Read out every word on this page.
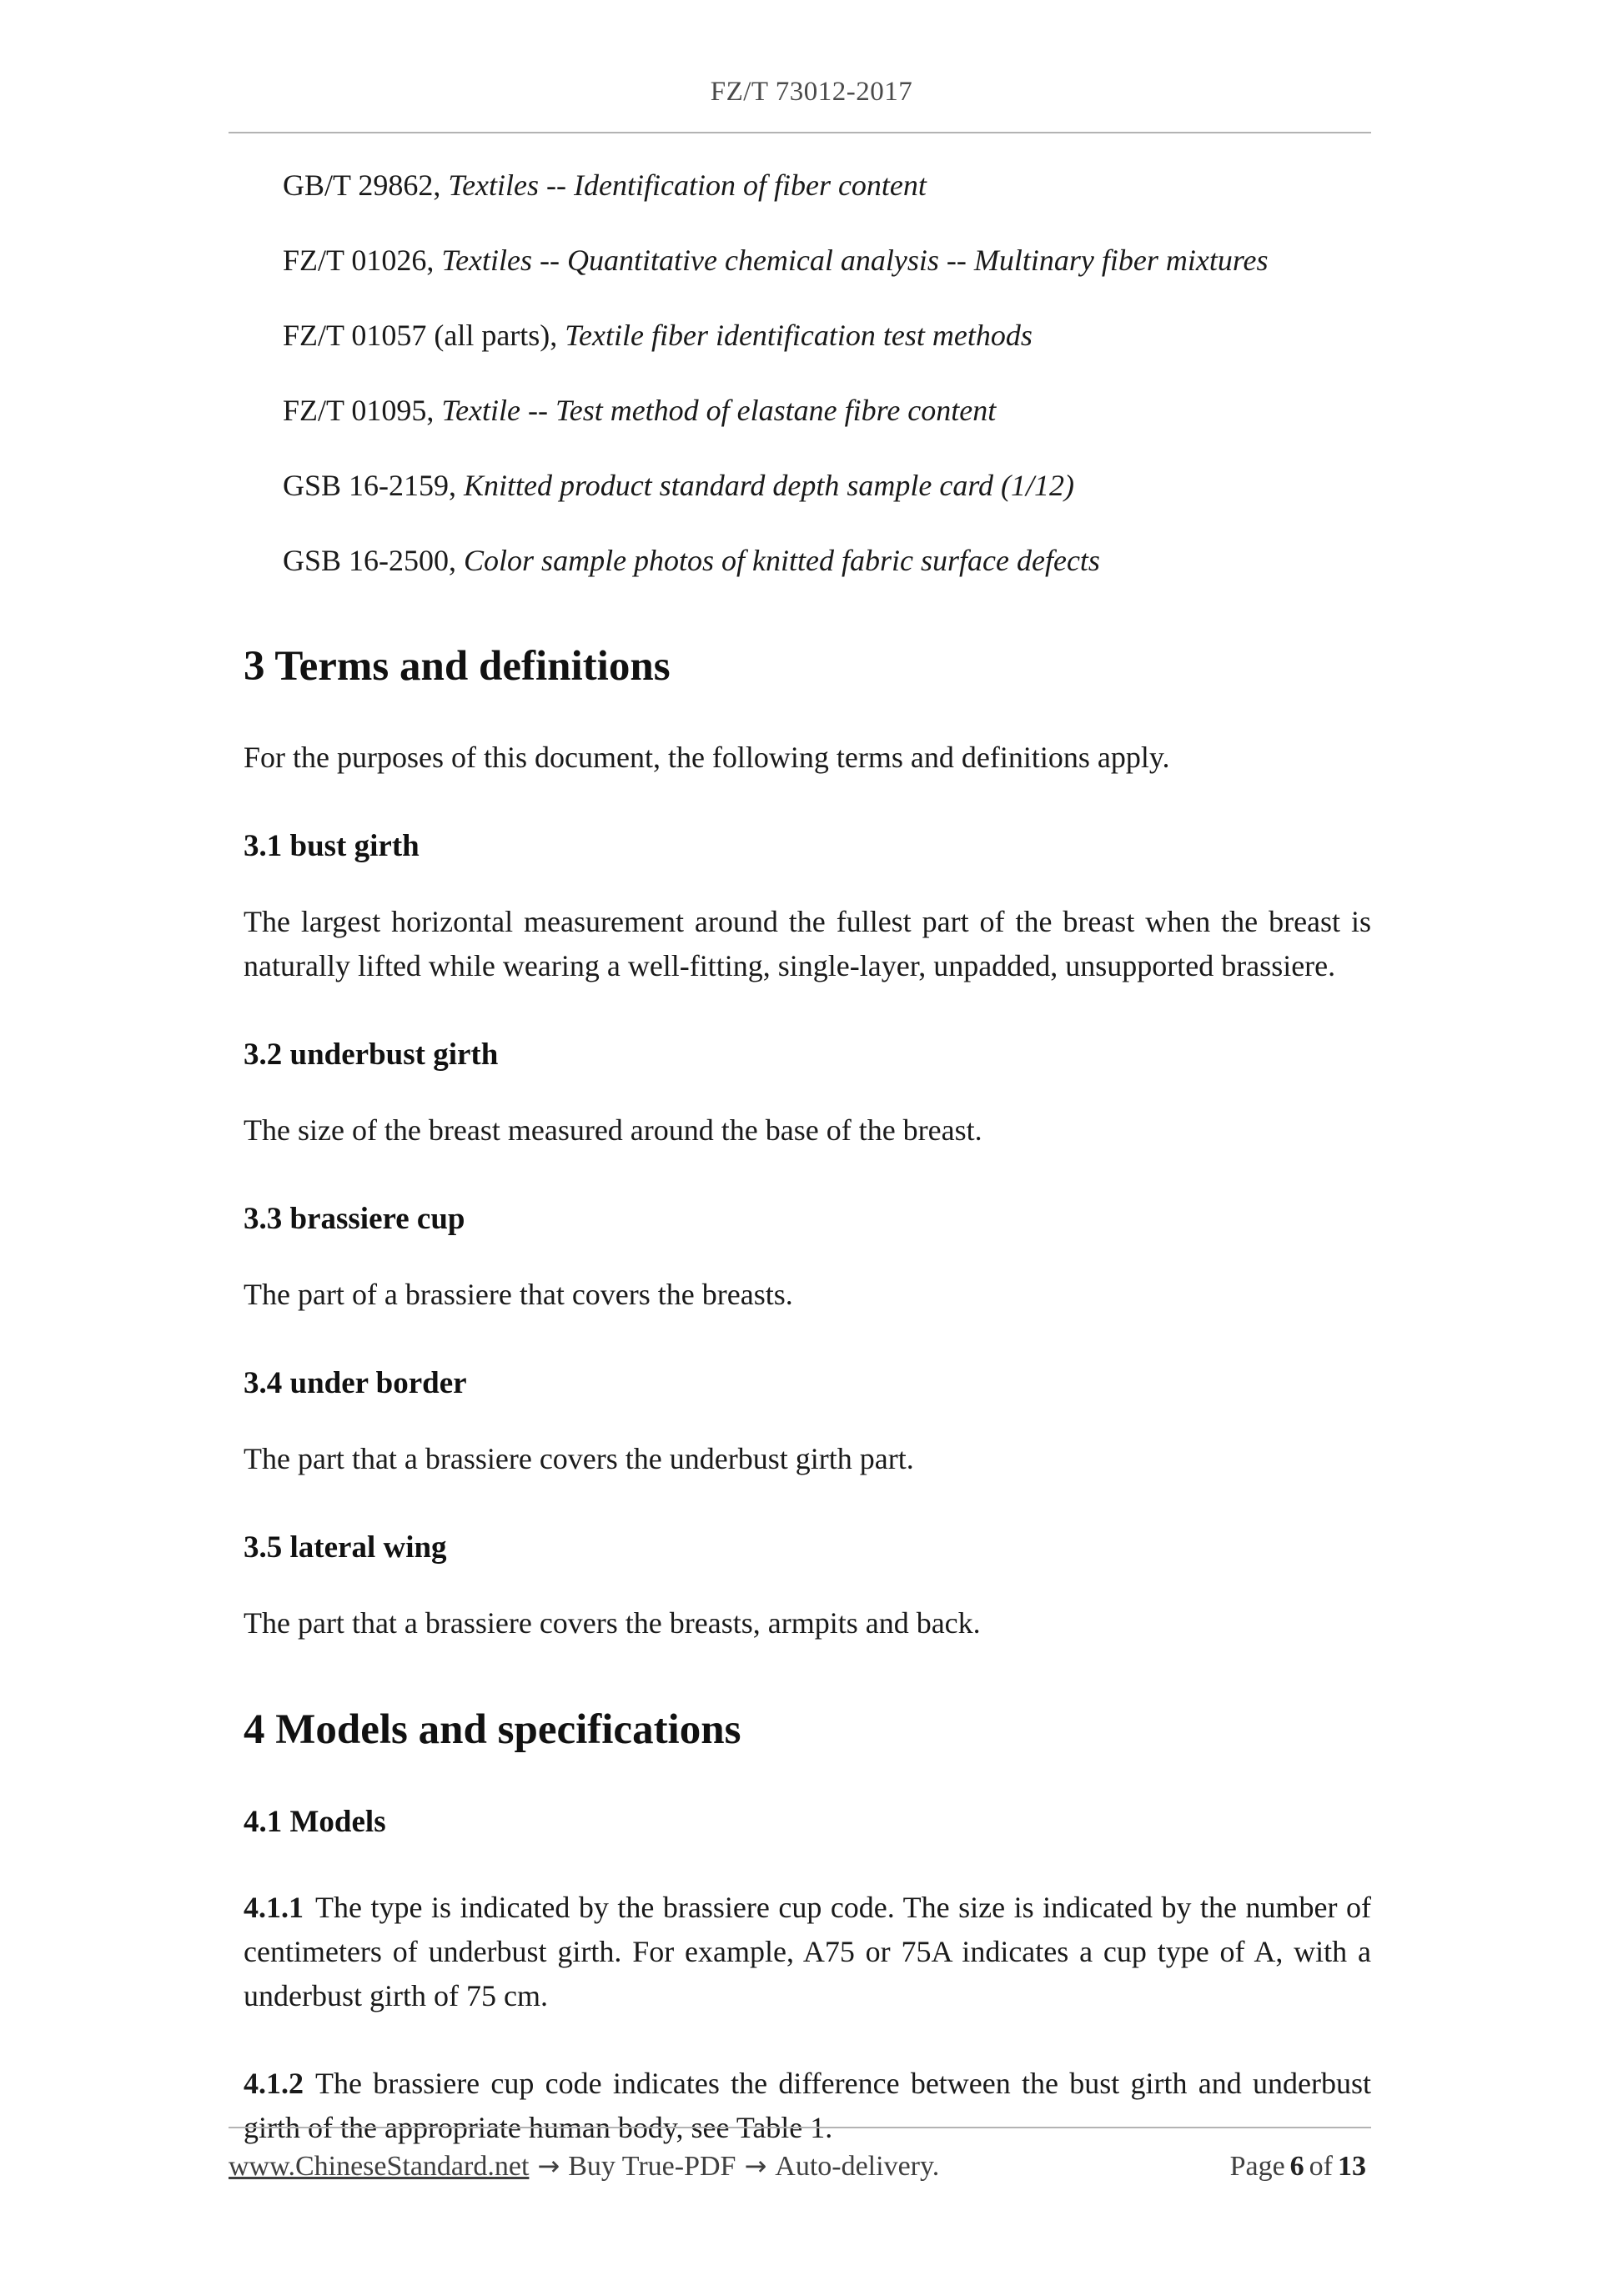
FZ/T 73012-2017

GB/T 29862, Textiles -- Identification of fiber content

FZ/T 01026, Textiles -- Quantitative chemical analysis -- Multinary fiber mixtures

FZ/T 01057 (all parts), Textile fiber identification test methods

FZ/T 01095, Textile -- Test method of elastane fibre content

GSB 16-2159, Knitted product standard depth sample card (1/12)

GSB 16-2500, Color sample photos of knitted fabric surface defects

3 Terms and definitions

For the purposes of this document, the following terms and definitions apply.

3.1 bust girth

The largest horizontal measurement around the fullest part of the breast when the breast is naturally lifted while wearing a well-fitting, single-layer, unpadded, unsupported brassiere.

3.2 underbust girth

The size of the breast measured around the base of the breast.

3.3 brassiere cup

The part of a brassiere that covers the breasts.

3.4 under border

The part that a brassiere covers the underbust girth part.

3.5 lateral wing

The part that a brassiere covers the breasts, armpits and back.

4 Models and specifications
4.1 Models

4.1.1 The type is indicated by the brassiere cup code. The size is indicated by the number of centimeters of underbust girth. For example, A75 or 75A indicates a cup type of A, with a underbust girth of 75 cm.

4.1.2 The brassiere cup code indicates the difference between the bust girth and underbust girth of the appropriate human body, see Table 1.

www.ChineseStandard.net → Buy True-PDF → Auto-delivery.	Page 6 of 13
